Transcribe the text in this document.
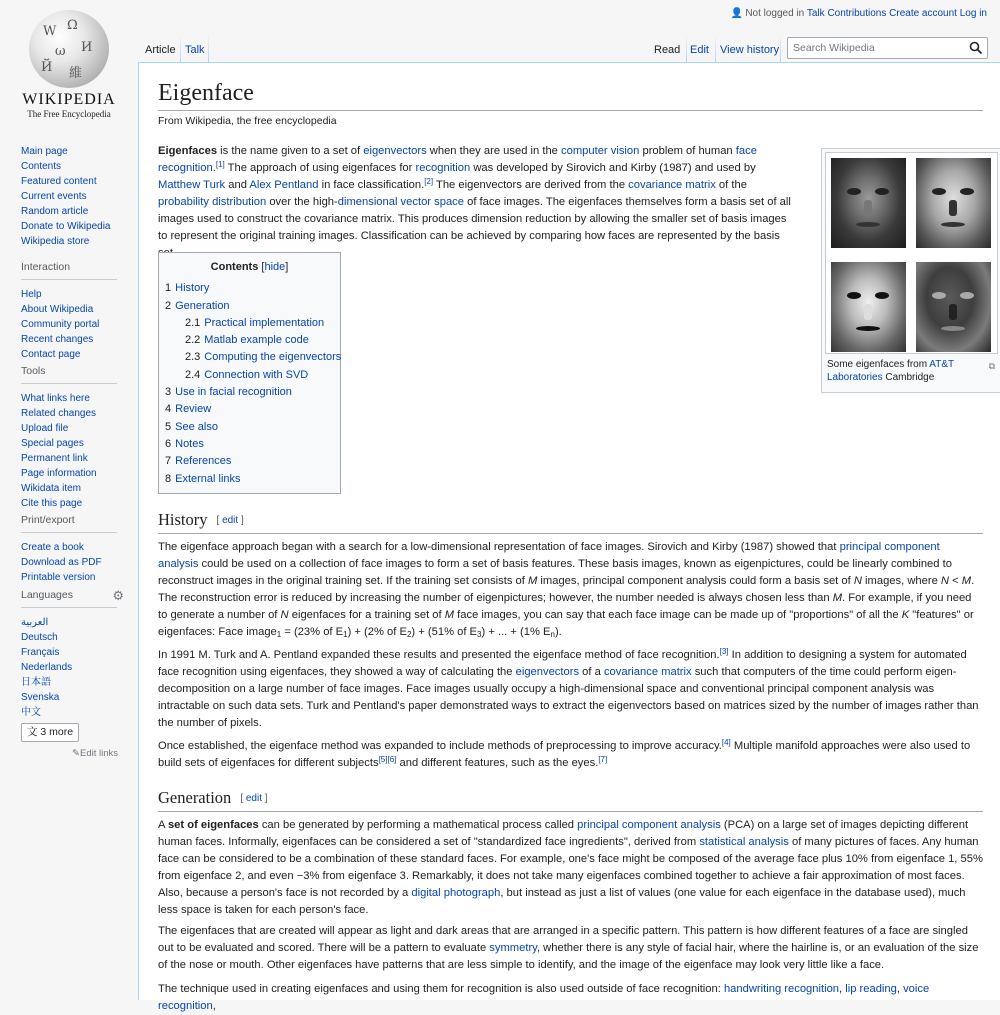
W Ω
ω И
維
Й
WIKIPEDIA
The Free Encyclopedia
Main page
Contents
Featured content
Current events
Random article
Donate to Wikipedia
Wikipedia store
Interaction
Help
About Wikipedia
Community portal
Recent changes
Contact page
Tools
What links here
Related changes
Upload file
Special pages
Permanent link
Page information
Wikidata item
Cite this page
Print/export
Create a book
Download as PDF
Printable version
Languages	⚙
العربية
Deutsch
Français
Nederlands
日本語
Svenska
中文
⽂ 3 more
✎Edit links
👤 Not logged in Talk Contributions Create account Log in
Article Talk	Read Edit View history	Search Wikipedia
Eigenface
From Wikipedia, the free encyclopedia
Eigenfaces is the name given to a set of eigenvectors when they are used in the computer vision problem of human face recognition.[1] The approach of using eigenfaces for recognition was developed by Sirovich and Kirby (1987) and used by Matthew Turk and Alex Pentland in face classification.[2] The eigenvectors are derived from the covariance matrix of the probability distribution over the high-dimensional vector space of face images. The eigenfaces themselves form a basis set of all images used to construct the covariance matrix. This produces dimension reduction by allowing the smaller set of basis images to represent the original training images. Classification can be achieved by comparing how faces are represented by the basis
Some eigenfaces from AT&T Laboratories Cambridge
⧉
Contents [hide]
1 History
2 Generation
2.1 Practical implementation
2.2 Matlab example code
2.3 Computing the eigenvectors
2.4 Connection with SVD
3 Use in facial recognition
4 Review
5 See also
6 Notes
7 References
8 External links
History [ edit ]
The eigenface approach began with a search for a low-dimensional representation of face images. Sirovich and Kirby (1987) showed that principal component analysis could be used on a collection of face images to form a set of basis features. These basis images, known as eigenpictures, could be linearly combined to reconstruct images in the original training set. If the training set consists of M images, principal component analysis could form a basis set of N images, where N < M. The reconstruction error is reduced by increasing the number of eigenpictures; however, the number needed is always chosen less than M. For example, if you need to generate a number of N eigenfaces for a training set of M face images, you can say that each face image can be made up of "proportions" of all the K "features" or eigenfaces: Face image$_1$ = (23% of $E_1) + (2\%$ of $E_2) + (51\%$ of $E_3$) + ... + (1% $E_n$).
In 1991 M. Turk and A. Pentland expanded these results and presented the eigenface method of face recognition.[3] In addition to designing a system for automated face recognition using eigenfaces, they showed a way of calculating the eigenvectors of a covariance matrix such that computers of the time could perform eigen-decomposition on a large number of face images. Face images usually occupy a high-dimensional space and conventional principal component analysis was intractable on such data sets. Turk and Pentland's paper demonstrated ways to extract the eigenvectors based on matrices sized by the number of images rather than the number of pixels.
Once established, the eigenface method was expanded to include methods of preprocessing to improve accuracy.[4] Multiple manifold approaches were also used to build sets of eigenfaces for different subjects[5][6] and different features, such as the eyes.[7]
Generation [ edit ]
A set of eigenfaces can be generated by performing a mathematical process called principal component analysis (PCA) on a large set of images depicting different human faces. Informally, eigenfaces can be considered a set of "standardized face ingredients", derived from statistical analysis of many pictures of faces. Any human face can be considered to be a combination of these standard faces. For example, one's face might be composed of the average face plus 10% from eigenface 1, 55% from eigenface 2, and even −3% from eigenface 3. Remarkably, it does not take many eigenfaces combined together to achieve a fair approximation of most faces. Also, because a person's face is not recorded by a digital photograph, but instead as just a list of values (one value for each eigenface in the database used), much less space is taken for each person's face.
The eigenfaces that are created will appear as light and dark areas that are arranged in a specific pattern. This pattern is how different features of a face are singled out to be evaluated and scored. There will be a pattern to evaluate symmetry, whether there is any style of facial hair, where the hairline is, or an evaluation of the size of the nose or mouth. Other eigenfaces have patterns that are less simple to identify, and the image of the eigenface may look very little like a face.
The technique used in creating eigenfaces and using them for recognition is also used outside of face recognition: handwriting recognition, lip reading, voice recognition,
